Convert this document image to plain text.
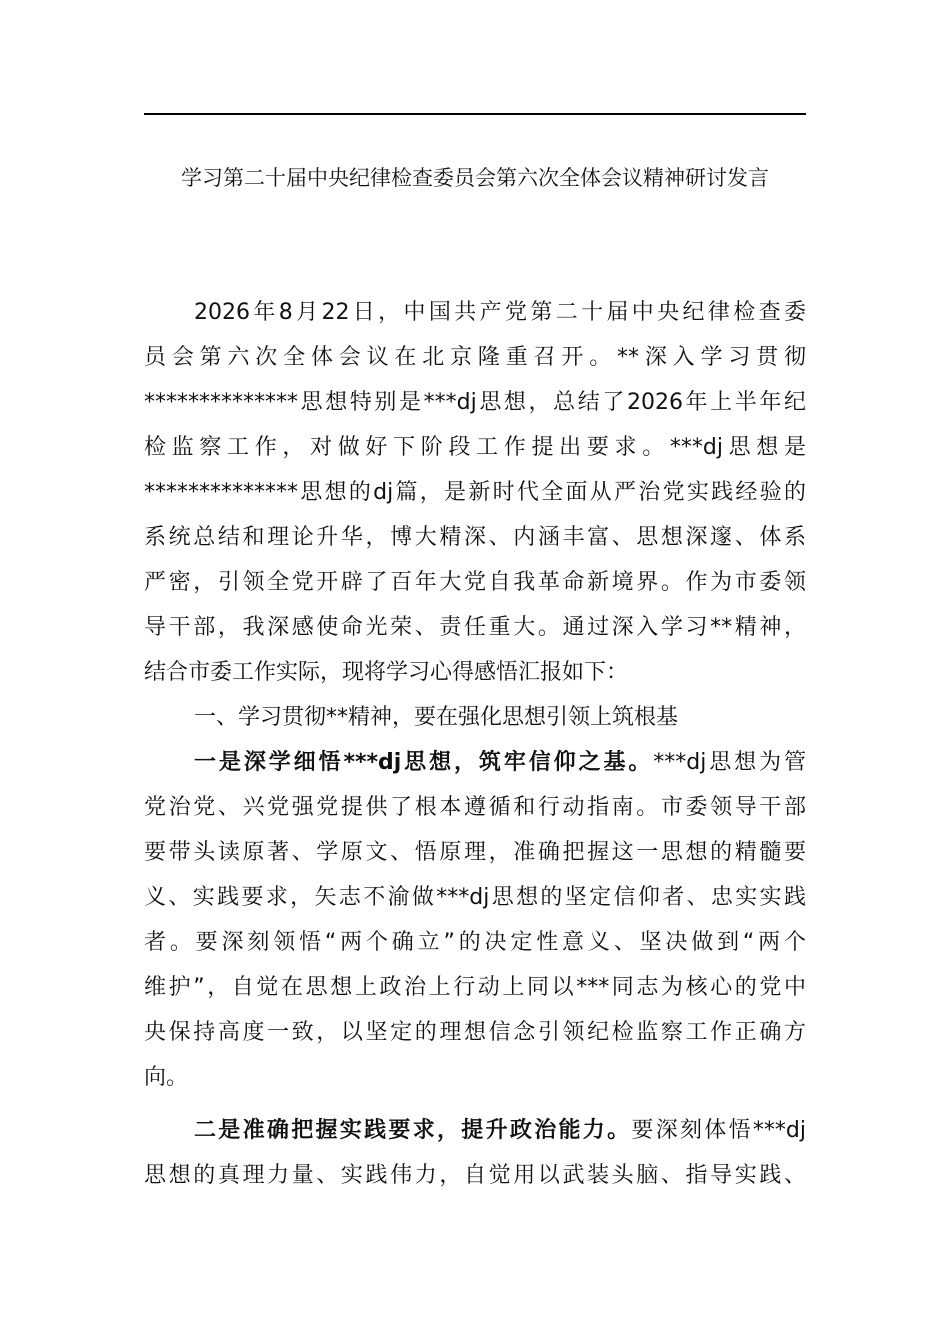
学习第二十届中央纪律检查委员会第六次全体会议精神研讨发言
2026年8月22日，中国共产党第二十届中央纪律检查委
员会第六次全体会议在北京隆重召开。**深入学习贯彻
**************思想特别是***dj思想，总结了2026年上半年纪
检监察工作，对做好下阶段工作提出要求。***dj思想是
**************思想的dj篇，是新时代全面从严治党实践经验的
系统总结和理论升华，博大精深、内涵丰富、思想深邃、体系
严密，引领全党开辟了百年大党自我革命新境界。作为市委领
导干部，我深感使命光荣、责任重大。通过深入学习**精神，
结合市委工作实际，现将学习心得感悟汇报如下：
一、学习贯彻**精神，要在强化思想引领上筑根基
一是深学细悟***dj思想，筑牢信仰之基。***dj思想为管
党治党、兴党强党提供了根本遵循和行动指南。市委领导干部
要带头读原著、学原文、悟原理，准确把握这一思想的精髓要
义、实践要求，矢志不渝做***dj思想的坚定信仰者、忠实实践
者。要深刻领悟“两个确立”的决定性意义、坚决做到“两个
维护”，自觉在思想上政治上行动上同以***同志为核心的党中
央保持高度一致，以坚定的理想信念引领纪检监察工作正确方
向。
二是准确把握实践要求，提升政治能力。要深刻体悟***dj
思想的真理力量、实践伟力，自觉用以武装头脑、指导实践、
